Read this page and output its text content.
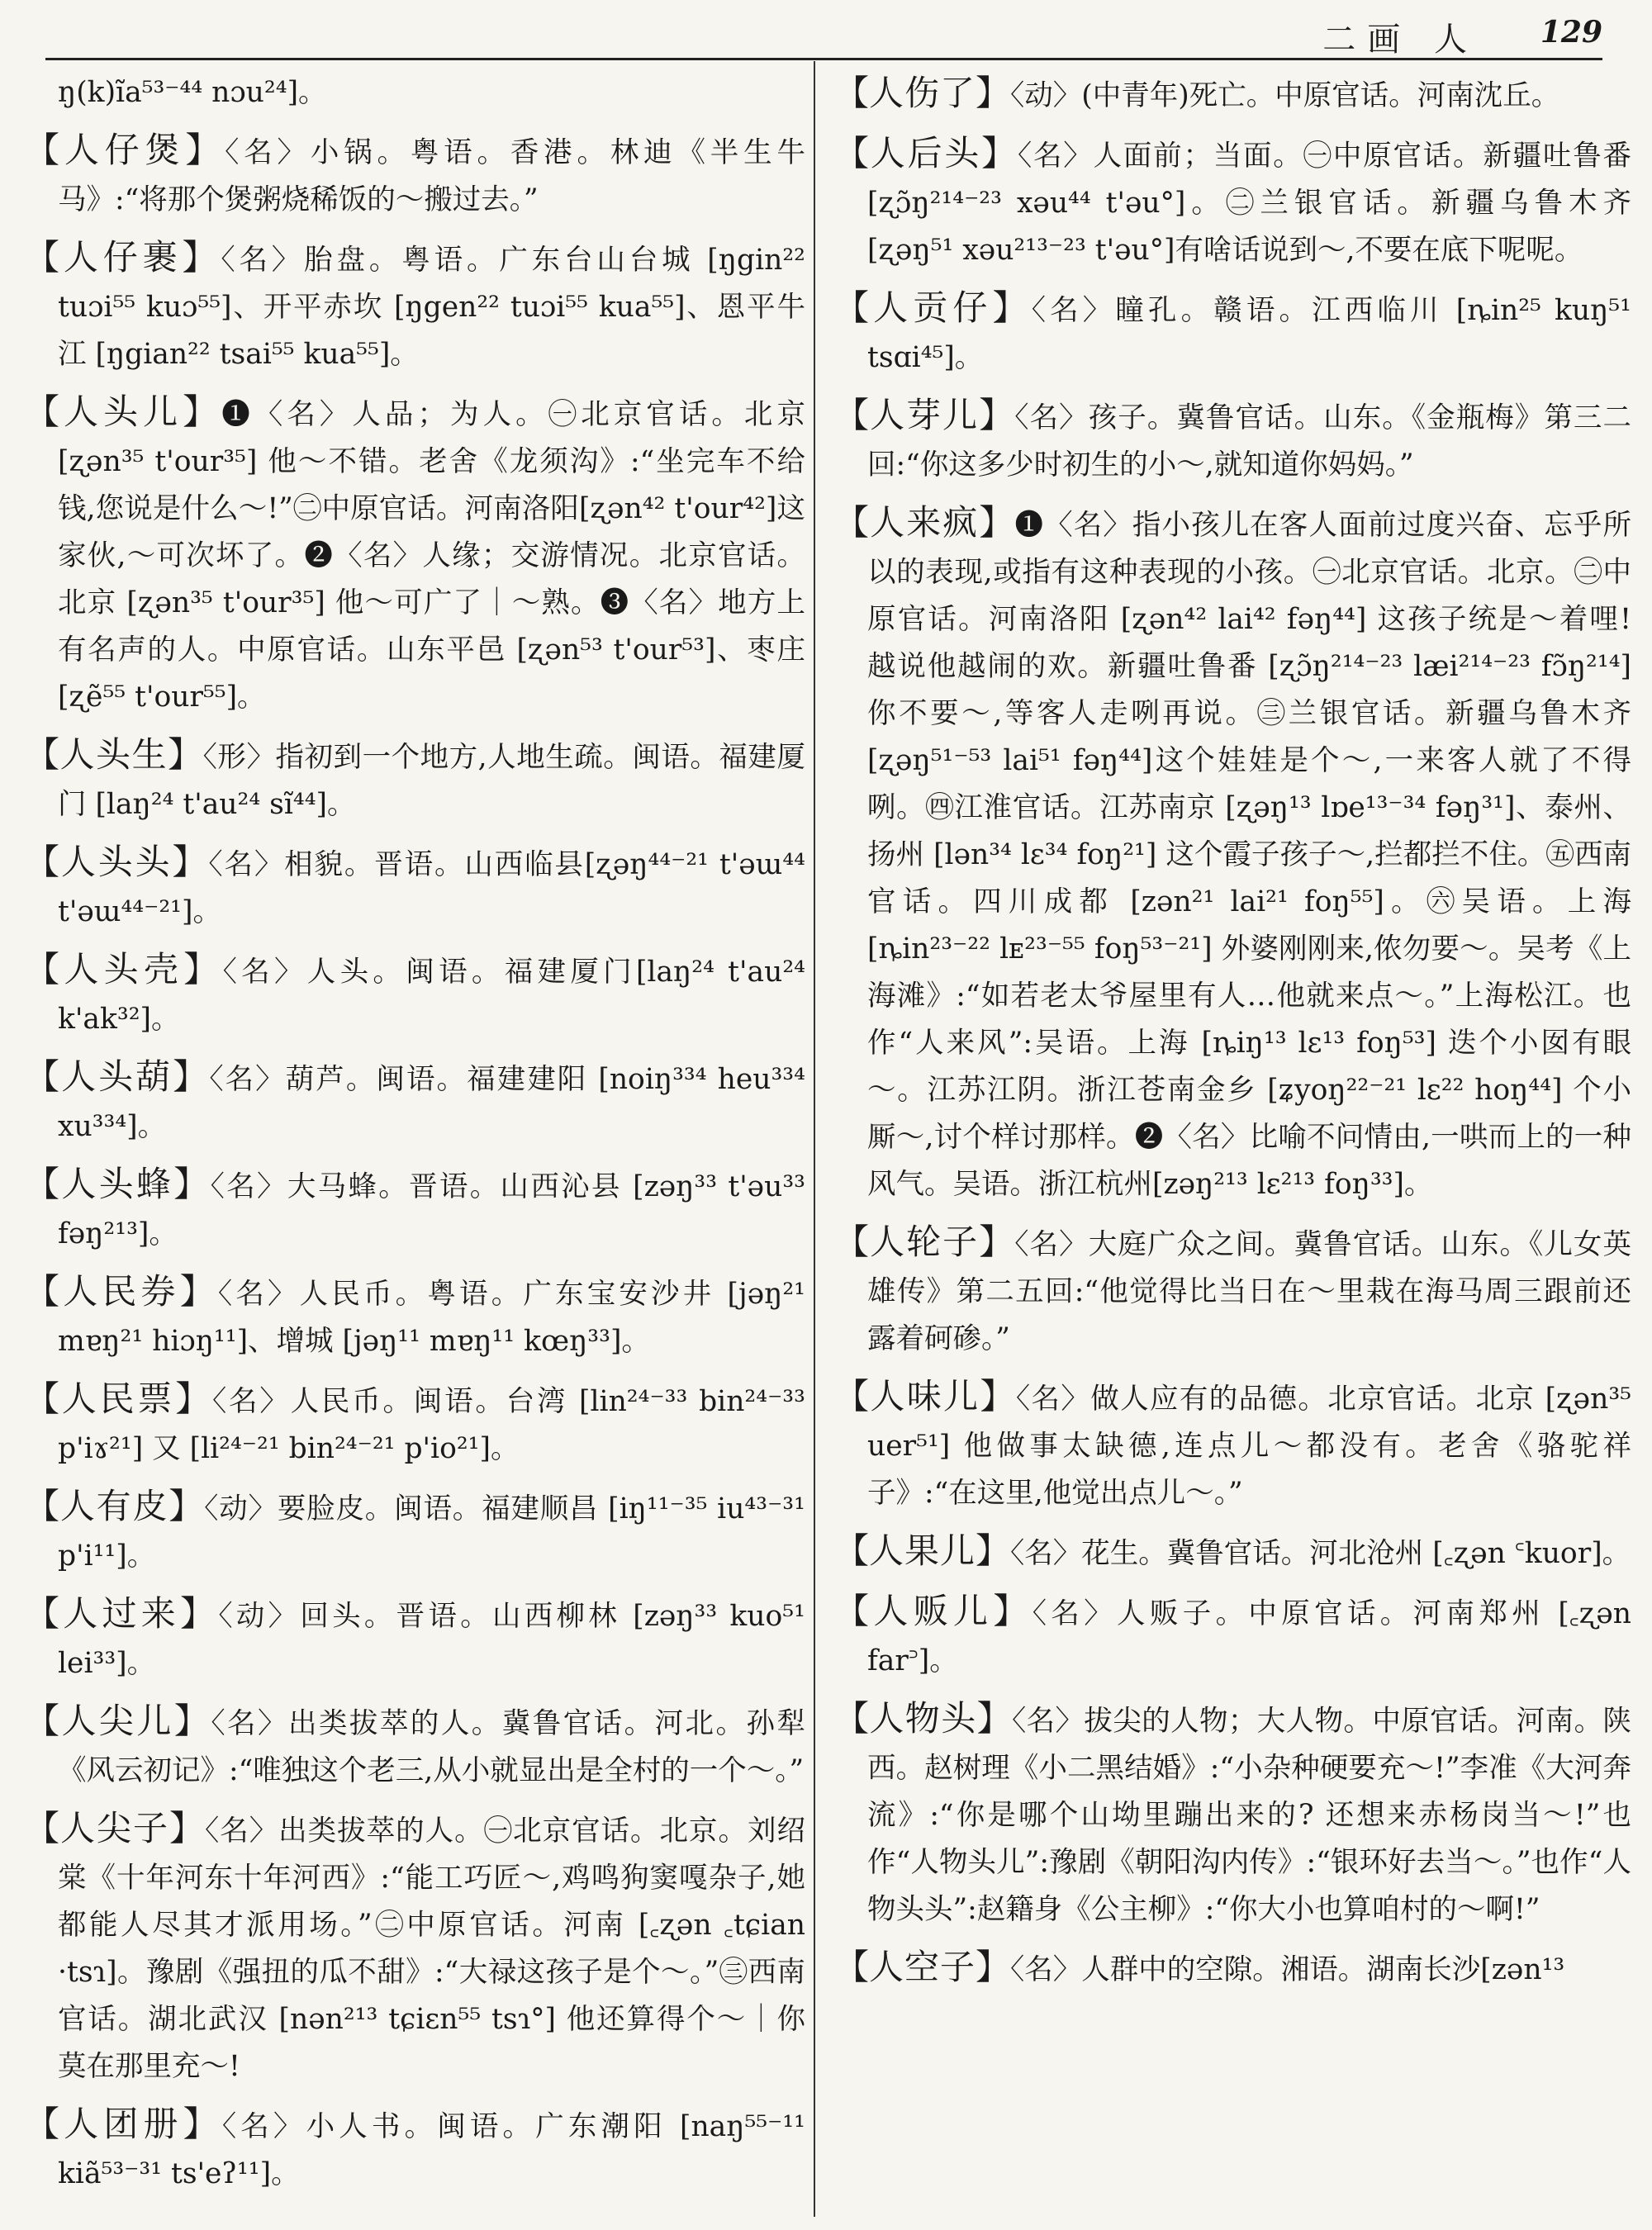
二画 人 129

ŋ(k)ĩa⁵³⁻⁴⁴ nɔu²⁴]。

【人仔煲】〈名〉小锅。粤语。香港。林迪《半生牛马》:“将那个煲粥烧稀饭的～搬过去。”

【人仔裹】〈名〉胎盘。粤语。广东台山台城 [ŋgin²² tuɔi⁵⁵ kuɔ⁵⁵]、开平赤坎 [ŋgen²² tuɔi⁵⁵ kua⁵⁵]、恩平牛江 [ŋgian²² tsai⁵⁵ kua⁵⁵]。

【人头儿】❶〈名〉人品；为人。㊀北京官话。北京 [ʐən³⁵ t'our³⁵] 他～不错。老舍《龙须沟》:“坐完车不给钱,您说是什么～!”㊁中原官话。河南洛阳[ʐən⁴² t'our⁴²]这家伙,～可次坏了。❷〈名〉人缘；交游情况。北京官话。北京 [ʐən³⁵ t'our³⁵] 他～可广了｜～熟。❸〈名〉地方上有名声的人。中原官话。山东平邑 [ʐən⁵³ t'our⁵³]、枣庄 [ʐẽ⁵⁵ t'our⁵⁵]。

【人头生】〈形〉指初到一个地方,人地生疏。闽语。福建厦门 [laŋ²⁴ t'au²⁴ sĩ⁴⁴]。

【人头头】〈名〉相貌。晋语。山西临县[ʐəŋ⁴⁴⁻²¹ t'əɯ⁴⁴ t'əɯ⁴⁴⁻²¹]。

【人头壳】〈名〉人头。闽语。福建厦门[laŋ²⁴ t'au²⁴ k'ak³²]。

【人头葫】〈名〉葫芦。闽语。福建建阳 [noiŋ³³⁴ heu³³⁴ xu³³⁴]。

【人头蜂】〈名〉大马蜂。晋语。山西沁县 [zəŋ³³ t'əu³³ fəŋ²¹³]。

【人民券】〈名〉人民币。粤语。广东宝安沙井 [jəŋ²¹ mɐŋ²¹ hiɔŋ¹¹]、增城 [jəŋ¹¹ mɐŋ¹¹ kœŋ³³]。

【人民票】〈名〉人民币。闽语。台湾 [lin²⁴⁻³³ bin²⁴⁻³³ p'iɤ²¹] 又 [li²⁴⁻²¹ bin²⁴⁻²¹ p'io²¹]。

【人有皮】〈动〉要脸皮。闽语。福建顺昌 [iŋ¹¹⁻³⁵ iu⁴³⁻³¹ p'i¹¹]。

【人过来】〈动〉回头。晋语。山西柳林 [zəŋ³³ kuo⁵¹ lei³³]。

【人尖儿】〈名〉出类拔萃的人。冀鲁官话。河北。孙犁《风云初记》:“唯独这个老三,从小就显出是全村的一个～。”

【人尖子】〈名〉出类拔萃的人。㊀北京官话。北京。刘绍棠《十年河东十年河西》:“能工巧匠～,鸡鸣狗窦嘎杂子,她都能人尽其才派用场。”㊁中原官话。河南 [꜀ʐən ꜀tɕian ·tsɿ]。豫剧《强扭的瓜不甜》:“大禄这孩子是个～。”㊂西南官话。湖北武汉 [nən²¹³ tɕiɛn⁵⁵ tsɿ°] 他还算得个～｜你莫在那里充～!

【人团册】〈名〉小人书。闽语。广东潮阳 [naŋ⁵⁵⁻¹¹ kiã⁵³⁻³¹ ts'eʔ¹¹]。

【人伤了】〈动〉(中青年)死亡。中原官话。河南沈丘。

【人后头】〈名〉人面前；当面。㊀中原官话。新疆吐鲁番 [ʐɔ̃ŋ²¹⁴⁻²³ xəu⁴⁴ t'əu°]。㊁兰银官话。新疆乌鲁木齐 [ʐəŋ⁵¹ xəu²¹³⁻²³ t'əu°]有啥话说到～,不要在底下呢呢。

【人贡仔】〈名〉瞳孔。赣语。江西临川 [ȵin²⁵ kuŋ⁵¹ tsɑi⁴⁵]。

【人芽儿】〈名〉孩子。冀鲁官话。山东。《金瓶梅》第三二回:“你这多少时初生的小～,就知道你妈妈。”

【人来疯】❶〈名〉指小孩儿在客人面前过度兴奋、忘乎所以的表现,或指有这种表现的小孩。㊀北京官话。北京。㊁中原官话。河南洛阳 [ʐən⁴² lai⁴² fəŋ⁴⁴] 这孩子统是～着哩! 越说他越闹的欢。新疆吐鲁番 [ʐɔ̃ŋ²¹⁴⁻²³ læi²¹⁴⁻²³ fɔ̃ŋ²¹⁴]你不要～,等客人走咧再说。㊂兰银官话。新疆乌鲁木齐[ʐəŋ⁵¹⁻⁵³ lai⁵¹ fəŋ⁴⁴]这个娃娃是个～,一来客人就了不得咧。㊃江淮官话。江苏南京 [ʐəŋ¹³ lɒe¹³⁻³⁴ fəŋ³¹]、泰州、扬州 [lən³⁴ lɛ³⁴ foŋ²¹] 这个霞子孩子～,拦都拦不住。㊄西南官话。四川成都 [zən²¹ lai²¹ foŋ⁵⁵]。㊅吴语。上海[ȵin²³⁻²² lᴇ²³⁻⁵⁵ foŋ⁵³⁻²¹] 外婆刚刚来,侬勿要～。吴考《上海滩》:“如若老太爷屋里有人…他就来点～。”上海松江。也作“人来风”:吴语。上海 [ȵiŋ¹³ lɛ¹³ foŋ⁵³] 迭个小囡有眼～。江苏江阴。浙江苍南金乡 [ʑyoŋ²²⁻²¹ lɛ²² hoŋ⁴⁴] 个小厮～,讨个样讨那样。❷〈名〉比喻不问情由,一哄而上的一种风气。吴语。浙江杭州[zəŋ²¹³ lɛ²¹³ foŋ³³]。

【人轮子】〈名〉大庭广众之间。冀鲁官话。山东。《儿女英雄传》第二五回:“他觉得比当日在～里栽在海马周三跟前还露着砢碜。”

【人味儿】〈名〉做人应有的品德。北京官话。北京 [ʐən³⁵ uer⁵¹] 他做事太缺德,连点儿～都没有。老舍《骆驼祥子》:“在这里,他觉出点儿～。”

【人果儿】〈名〉花生。冀鲁官话。河北沧州 [꜀ʐən ꜂kuor]。

【人贩儿】〈名〉人贩子。中原官话。河南郑州 [꜀ʐən far꜄]。

【人物头】〈名〉拔尖的人物；大人物。中原官话。河南。陕西。赵树理《小二黑结婚》:“小杂种硬要充～!”李准《大河奔流》:“你是哪个山坳里蹦出来的? 还想来赤杨岗当～!”也作“人物头儿”:豫剧《朝阳沟内传》:“银环好去当～。”也作“人物头头”:赵籍身《公主柳》:“你大小也算咱村的～啊!”

【人空子】〈名〉人群中的空隙。湘语。湖南长沙[zən¹³
